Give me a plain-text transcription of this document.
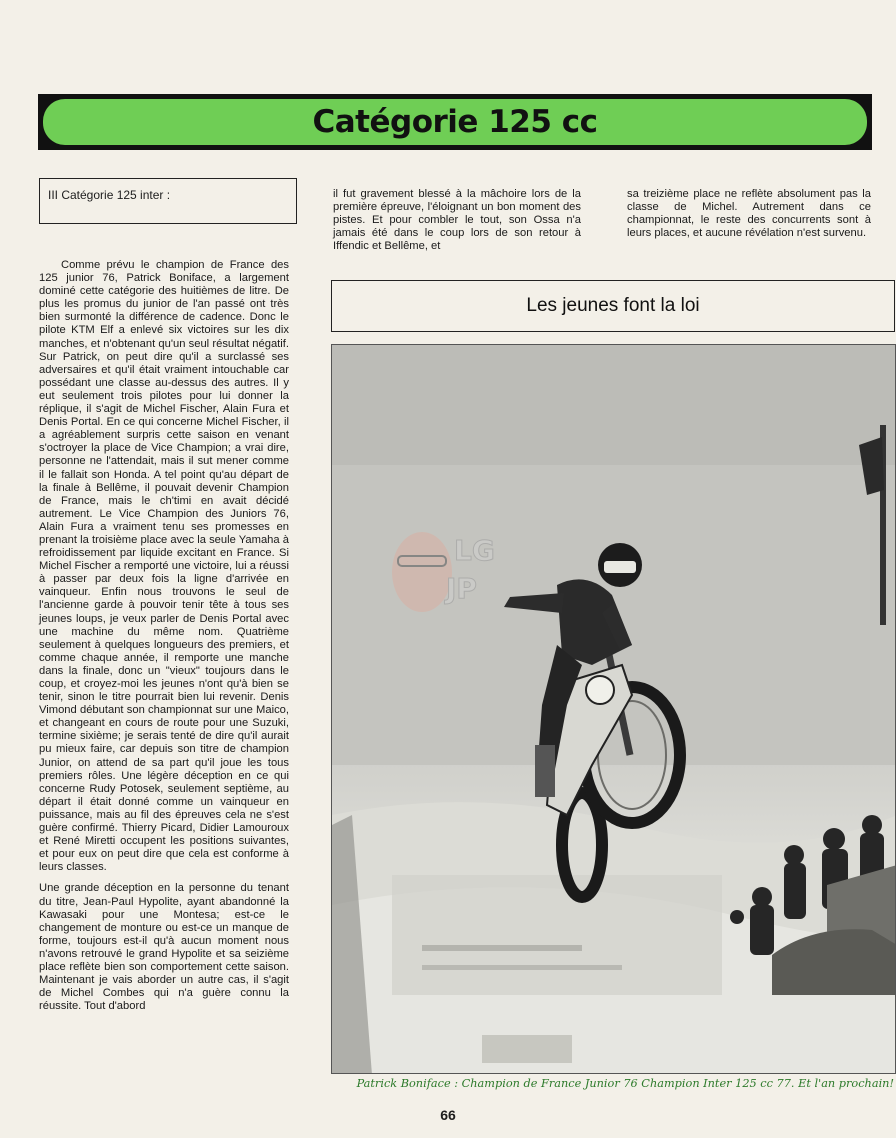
Catégorie 125 cc
III Catégorie 125 inter :

Comme prévu le champion de France des 125 junior 76, Patrick Boniface, a largement dominé cette catégorie des huitièmes de litre. De plus les promus du junior de l'an passé ont très bien surmonté la différence de cadence. Donc le pilote KTM Elf a enlevé six victoires sur les dix manches, et n'obtenant qu'un seul résultat négatif. Sur Patrick, on peut dire qu'il a surclassé ses adversaires et qu'il était vraiment intouchable car possédant une classe au-dessus des autres. Il y eut seulement trois pilotes pour lui donner la réplique, il s'agit de Michel Fischer, Alain Fura et Denis Portal. En ce qui concerne Michel Fischer, il a agréablement surpris cette saison en venant s'octroyer la place de Vice Champion; a vrai dire, personne ne l'attendait, mais il sut mener comme il le fallait son Honda. A tel point qu'au départ de la finale à Bellême, il pouvait devenir Champion de France, mais le ch'timi en avait décidé autrement. Le Vice Champion des Juniors 76, Alain Fura a vraiment tenu ses promesses en prenant la troisième place avec la seule Yamaha à refroidissement par liquide excitant en France. Si Michel Fischer a remporté une victoire, lui a réussi à passer par deux fois la ligne d'arrivée en vainqueur. Enfin nous trouvons le seul de l'ancienne garde à pouvoir tenir tête à tous ses jeunes loups, je veux parler de Denis Portal avec une machine du même nom. Quatrième seulement à quelques longueurs des premiers, et comme chaque année, il remporte une manche dans la finale, donc un "vieux" toujours dans le coup, et croyez-moi les jeunes n'ont qu'à bien se tenir, sinon le titre pourrait bien lui revenir. Denis Vimond débutant son championnat sur une Maico, et changeant en cours de route pour une Suzuki, termine sixième; je serais tenté de dire qu'il aurait pu mieux faire, car depuis son titre de champion Junior, on attend de sa part qu'il joue les tous premiers rôles. Une légère déception en ce qui concerne Rudy Potosek, seulement septième, au départ il était donné comme un vainqueur en puissance, mais au fil des épreuves cela ne s'est guère confirmé. Thierry Picard, Didier Lamouroux et René Miretti occupent les positions suivantes, et pour eux on peut dire que cela est conforme à leurs classes.

Une grande déception en la personne du tenant du titre, Jean-Paul Hypolite, ayant abandonné la Kawasaki pour une Montesa; est-ce le changement de monture ou est-ce un manque de forme, toujours est-il qu'à aucun moment nous n'avons retrouvé le grand Hypolite et sa seizième place reflète bien son comportement cette saison. Maintenant je vais aborder un autre cas, il s'agit de Michel Combes qui n'a guère connu la réussite. Tout d'abord

il fut gravement blessé à la mâchoire lors de la première épreuve, l'éloignant un bon moment des pistes. Et pour combler le tout, son Ossa n'a jamais été dans le coup lors de son retour à Iffendic et Bellême, et

sa treizième place ne reflète absolument pas la classe de Michel. Autrement dans ce championnat, le reste des concurrents sont à leurs places, et aucune révélation n'est survenu.

Les jeunes font la loi
LG
JP
Patrick Boniface : Champion de France Junior 76 Champion Inter 125 cc 77. Et l'an prochain!
66
